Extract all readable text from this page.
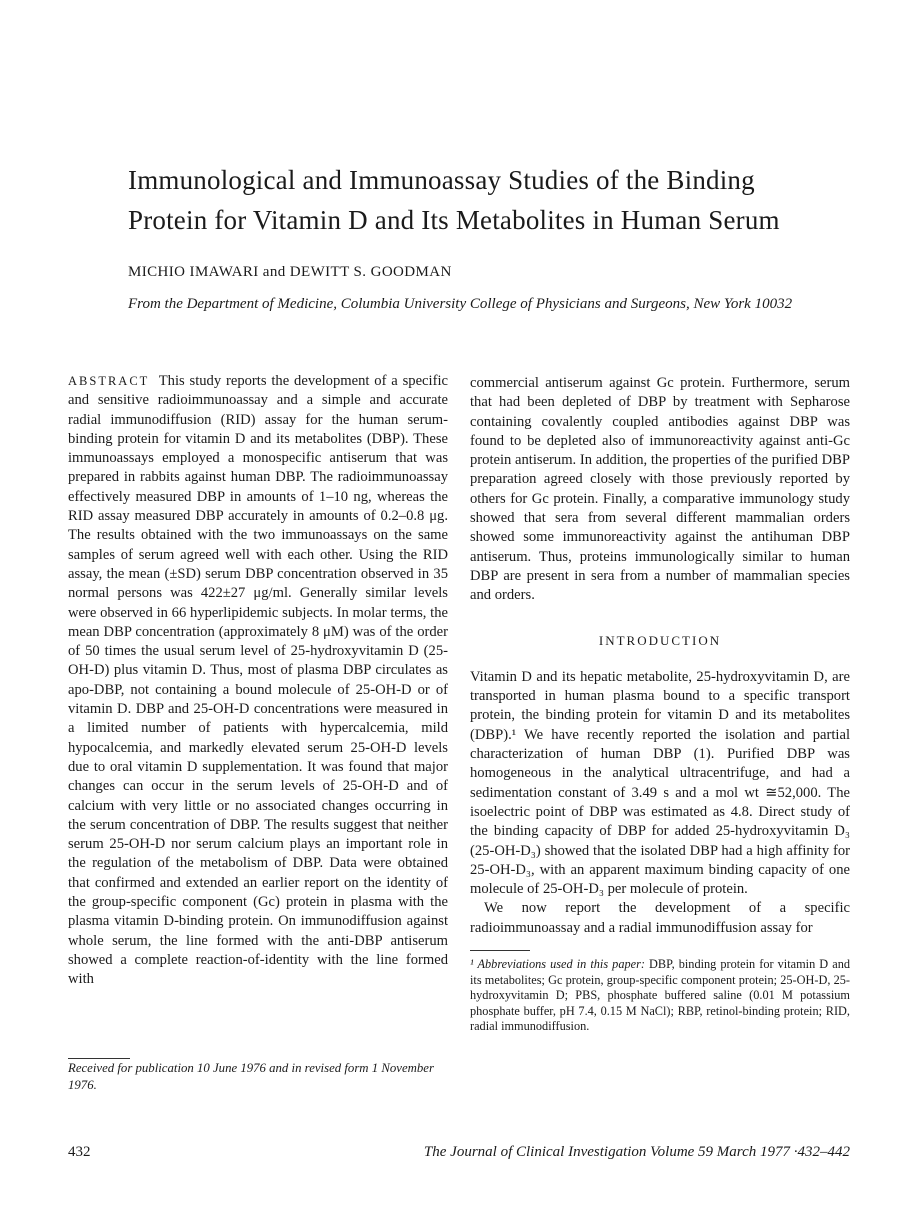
Immunological and Immunoassay Studies of the Binding
Protein for Vitamin D and Its Metabolites in Human Serum
MICHIO IMAWARI and DEWITT S. GOODMAN
From the Department of Medicine, Columbia University College of Physicians and Surgeons, New York 10032

ABSTRACT This study reports the development of a specific and sensitive radioimmunoassay and a simple and accurate radial immunodiffusion (RID) assay for the human serum-binding protein for vitamin D and its metabolites (DBP). These immunoassays employed a monospecific antiserum that was prepared in rabbits against human DBP. The radioimmunoassay effectively measured DBP in amounts of 1–10 ng, whereas the RID assay measured DBP accurately in amounts of 0.2–0.8 μg. The results obtained with the two immunoassays on the same samples of serum agreed well with each other. Using the RID assay, the mean (±SD) serum DBP concentration observed in 35 normal persons was 422±27 μg/ml. Generally similar levels were observed in 66 hyperlipidemic subjects. In molar terms, the mean DBP concentration (approximately 8 μM) was of the order of 50 times the usual serum level of 25-hydroxyvitamin D (25-OH-D) plus vitamin D. Thus, most of plasma DBP circulates as apo-DBP, not containing a bound molecule of 25-OH-D or of vitamin D. DBP and 25-OH-D concentrations were measured in a limited number of patients with hypercalcemia, mild hypocalcemia, and markedly elevated serum 25-OH-D levels due to oral vitamin D supplementation. It was found that major changes can occur in the serum levels of 25-OH-D and of calcium with very little or no associated changes occurring in the serum concentration of DBP. The results suggest that neither serum 25-OH-D nor serum calcium plays an important role in the regulation of the metabolism of DBP. Data were obtained that confirmed and extended an earlier report on the identity of the group-specific component (Gc) protein in plasma with the plasma vitamin D-binding protein. On immunodiffusion against whole serum, the line formed with the anti-DBP antiserum showed a complete reaction-of-identity with the line formed with

Received for publication 10 June 1976 and in revised form 1 November 1976.

commercial antiserum against Gc protein. Furthermore, serum that had been depleted of DBP by treatment with Sepharose containing covalently coupled antibodies against DBP was found to be depleted also of immunoreactivity against anti-Gc protein antiserum. In addition, the properties of the purified DBP preparation agreed closely with those previously reported by others for Gc protein. Finally, a comparative immunology study showed that sera from several different mammalian orders showed some immunoreactivity against the antihuman DBP antiserum. Thus, proteins immunologically similar to human DBP are present in sera from a number of mammalian species and orders.

INTRODUCTION

Vitamin D and its hepatic metabolite, 25-hydroxyvitamin D, are transported in human plasma bound to a specific transport protein, the binding protein for vitamin D and its metabolites (DBP).¹ We have recently reported the isolation and partial characterization of human DBP (1). Purified DBP was homogeneous in the analytical ultracentrifuge, and had a sedimentation constant of 3.49 s and a mol wt ≅52,000. The isoelectric point of DBP was estimated as 4.8. Direct study of the binding capacity of DBP for added 25-hydroxyvitamin D₃ (25-OH-D₃) showed that the isolated DBP had a high affinity for 25-OH-D₃, with an apparent maximum binding capacity of one molecule of 25-OH-D₃ per molecule of protein.

We now report the development of a specific radioimmunoassay and a radial immunodiffusion assay for

¹ Abbreviations used in this paper: DBP, binding protein for vitamin D and its metabolites; Gc protein, group-specific component protein; 25-OH-D, 25-hydroxyvitamin D; PBS, phosphate buffered saline (0.01 M potassium phosphate buffer, pH 7.4, 0.15 M NaCl); RBP, retinol-binding protein; RID, radial immunodiffusion.

432	The Journal of Clinical Investigation Volume 59 March 1977 ·432–442
